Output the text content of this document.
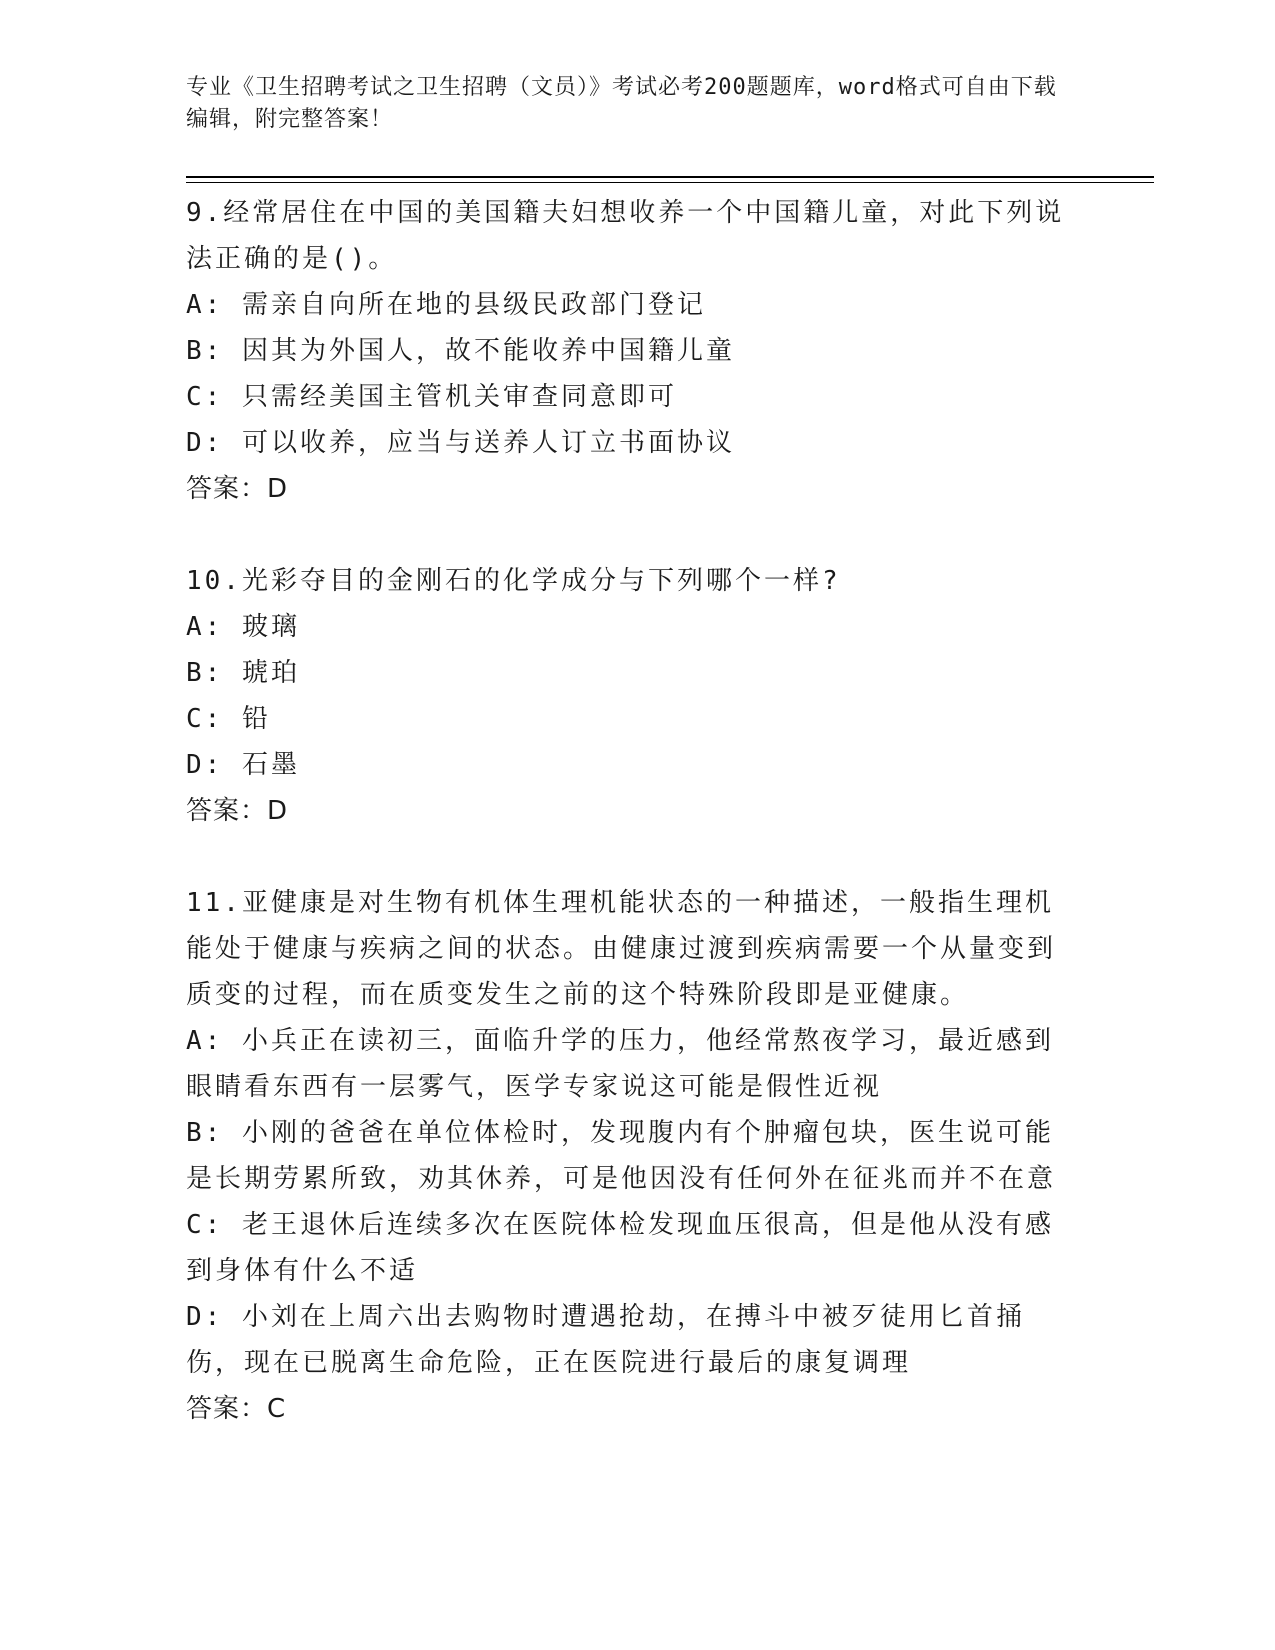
专业《卫生招聘考试之卫生招聘（文员）》考试必考200题题库，word格式可自由下载编辑，附完整答案！

9.经常居住在中国的美国籍夫妇想收养一个中国籍儿童，对此下列说法正确的是()。

A: 需亲自向所在地的县级民政部门登记

B: 因其为外国人，故不能收养中国籍儿童

C: 只需经美国主管机关审查同意即可

D: 可以收养，应当与送养人订立书面协议

答案：D

10.光彩夺目的金刚石的化学成分与下列哪个一样?

A: 玻璃

B: 琥珀

C: 铅

D: 石墨

答案：D

11.亚健康是对生物有机体生理机能状态的一种描述，一般指生理机能处于健康与疾病之间的状态。由健康过渡到疾病需要一个从量变到质变的过程，而在质变发生之前的这个特殊阶段即是亚健康。

A: 小兵正在读初三，面临升学的压力，他经常熬夜学习，最近感到眼睛看东西有一层雾气，医学专家说这可能是假性近视

B: 小刚的爸爸在单位体检时，发现腹内有个肿瘤包块，医生说可能是长期劳累所致，劝其休养，可是他因没有任何外在征兆而并不在意

C: 老王退休后连续多次在医院体检发现血压很高，但是他从没有感到身体有什么不适

D: 小刘在上周六出去购物时遭遇抢劫，在搏斗中被歹徒用匕首捅伤，现在已脱离生命危险，正在医院进行最后的康复调理

答案：C
